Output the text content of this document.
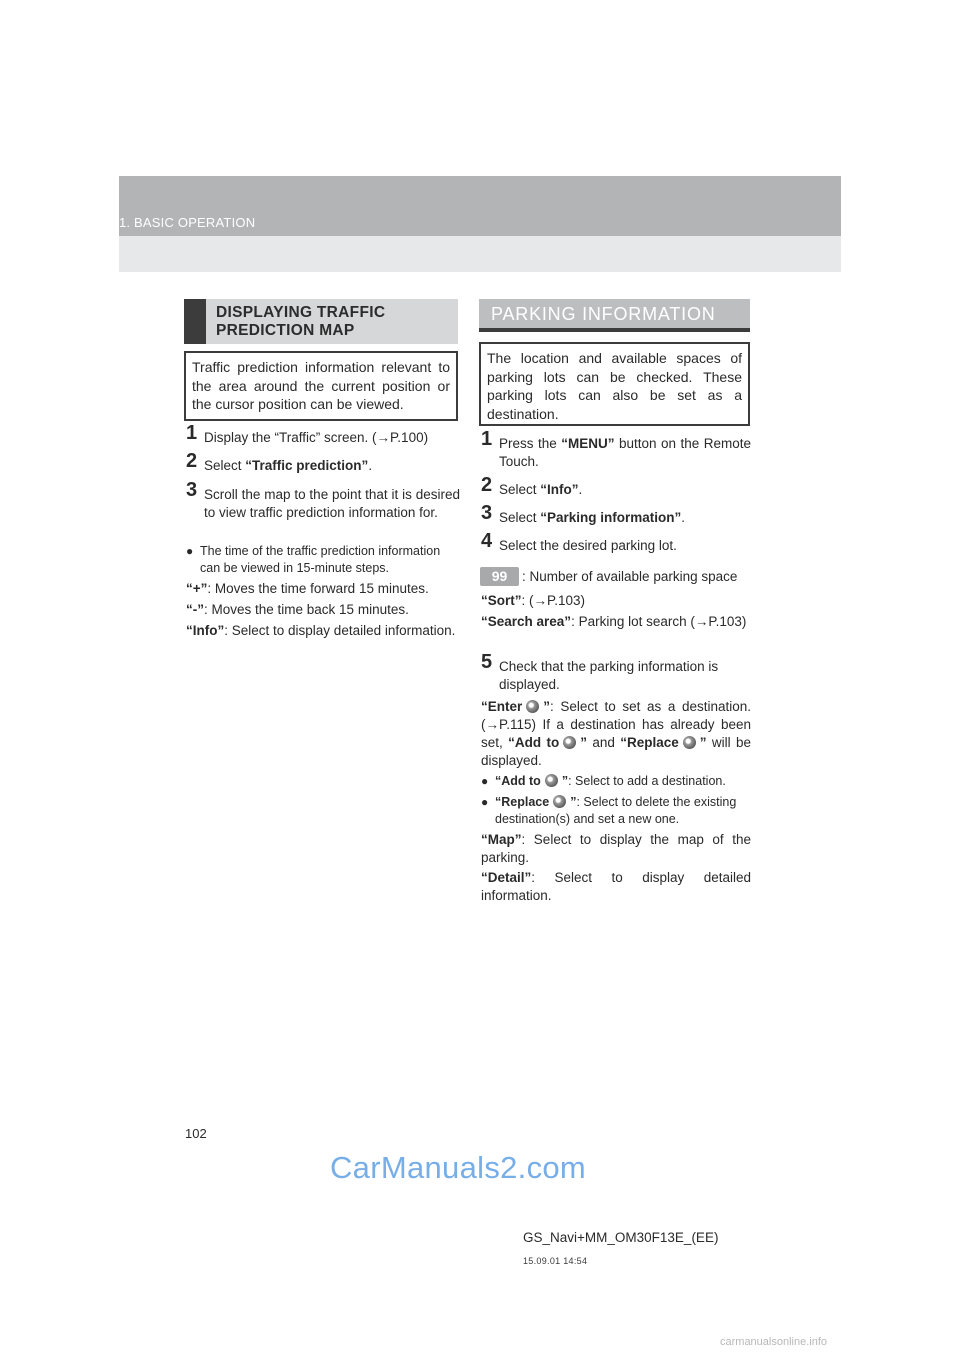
1. BASIC OPERATION
DISPLAYING TRAFFIC
PREDICTION MAP
Traffic prediction information relevant to the area around the current position or the cursor position can be viewed.
1 Display the “Traffic” screen. (→P.100)
2 Select “Traffic prediction”.
3 Scroll the map to the point that it is desired to view traffic prediction information for.
● The time of the traffic prediction information can be viewed in 15-minute steps.
“+”: Moves the time forward 15 minutes.
“-”: Moves the time back 15 minutes.
“Info”: Select to display detailed information.
PARKING INFORMATION
The location and available spaces of parking lots can be checked. These parking lots can also be set as a destination.
1 Press the “MENU” button on the Remote Touch.
2 Select “Info”.
3 Select “Parking information”.
4 Select the desired parking lot.
99	: Number of available parking space
“Sort”: (→P.103)
“Search area”: Parking lot search (→P.103)
5 Check that the parking information is displayed.
“Enter ”: Select to set as a destination. (→P.115) If a destination has already been set, “Add to ” and “Replace ” will be displayed.
● “Add to ”: Select to add a destination.
● “Replace ”: Select to delete the existing destination(s) and set a new one.
“Map”: Select to display the map of the parking.
“Detail”: Select to display detailed information.
102
CarManuals2.com
GS_Navi+MM_OM30F13E_(EE)
15.09.01 14:54
carmanualsonline.info
